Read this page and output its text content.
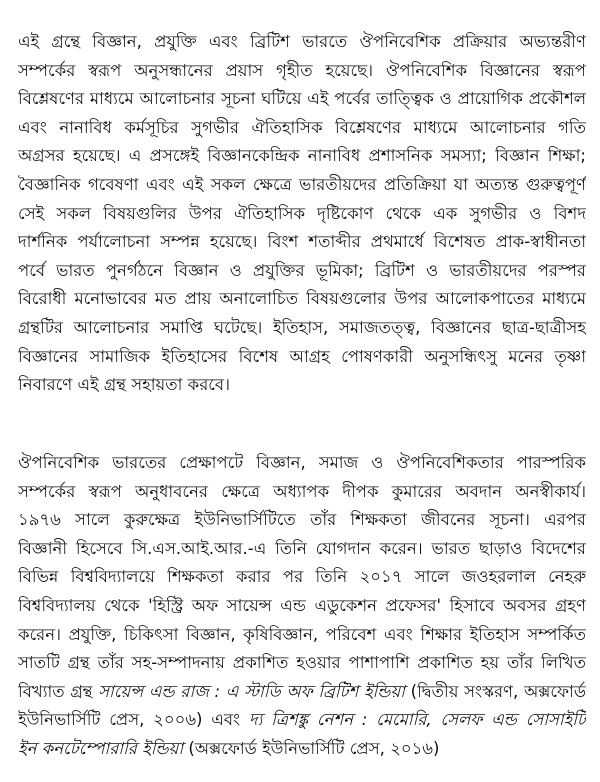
এই গ্রন্থে বিজ্ঞান, প্রযুক্তি এবং ব্রিটিশ ভারতে ঔপনিবেশিক প্রক্রিয়ার অভ্যন্তরীণ
সম্পর্কের স্বরূপ অনুসন্ধানের প্রয়াস গৃহীত হয়েছে। ঔপনিবেশিক বিজ্ঞানের স্বরূপ
বিশ্লেষণের মাধ্যমে আলোচনার সূচনা ঘটিয়ে এই পর্বের তাত্ত্বিক ও প্রায়োগিক প্রকৌশল
এবং নানাবিধ কর্মসূচির সুগভীর ঐতিহাসিক বিশ্লেষণের মাধ্যমে আলোচনার গতি
অগ্রসর হয়েছে। এ প্রসঙ্গেই বিজ্ঞানকেন্দ্রিক নানাবিধ প্রশাসনিক সমস্যা; বিজ্ঞান শিক্ষা;
বৈজ্ঞানিক গবেষণা এবং এই সকল ক্ষেত্রে ভারতীয়দের প্রতিক্রিয়া যা অত্যন্ত গুরুত্বপূর্ণ
সেই সকল বিষয়গুলির উপর ঐতিহাসিক দৃষ্টিকোণ থেকে এক সুগভীর ও বিশদ
দার্শনিক পর্যালোচনা সম্পন্ন হয়েছে। বিংশ শতাব্দীর প্রথমার্ধে বিশেষত প্রাক-স্বাধীনতা
পর্বে ভারত পুনর্গঠনে বিজ্ঞান ও প্রযুক্তির ভূমিকা; ব্রিটিশ ও ভারতীয়দের পরস্পর
বিরোধী মনোভাবের মত প্রায় অনালোচিত বিষয়গুলোর উপর আলোকপাতের মাধ্যমে
গ্রন্থটির আলোচনার সমাপ্তি ঘটেছে। ইতিহাস, সমাজতত্ত্ব, বিজ্ঞানের ছাত্র-ছাত্রীসহ
বিজ্ঞানের সামাজিক ইতিহাসের বিশেষ আগ্রহ পোষণকারী অনুসন্ধিৎসু মনের তৃষ্ণা
নিবারণে এই গ্রন্থ সহায়তা করবে।
ঔপনিবেশিক ভারতের প্রেক্ষাপটে বিজ্ঞান, সমাজ ও ঔপনিবেশিকতার পারস্পরিক
সম্পর্কের স্বরূপ অনুধাবনের ক্ষেত্রে অধ্যাপক দীপক কুমারের অবদান অনস্বীকার্য।
১৯৭৬ সালে কুরুক্ষেত্র ইউনিভার্সিটিতে তাঁর শিক্ষকতা জীবনের সূচনা। এরপর
বিজ্ঞানী হিসেবে সি.এস.আই.আর.-এ তিনি যোগদান করেন। ভারত ছাড়াও বিদেশের
বিভিন্ন বিশ্ববিদ্যালয়ে শিক্ষকতা করার পর তিনি ২০১৭ সালে জওহরলাল নেহরু
বিশ্ববিদ্যালয় থেকে 'হিস্ট্রি অফ সায়েন্স এন্ড এডুকেশন প্রফেসর' হিসাবে অবসর গ্রহণ
করেন। প্রযুক্তি, চিকিৎসা বিজ্ঞান, কৃষিবিজ্ঞান, পরিবেশ এবং শিক্ষার ইতিহাস সম্পর্কিত
সাতটি গ্রন্থ তাঁর সহ-সম্পাদনায় প্রকাশিত হওয়ার পাশাপাশি প্রকাশিত হয় তাঁর লিখিত
বিখ্যাত গ্রন্থ সায়েন্স এন্ড রাজ : এ স্টাডি অফ ব্রিটিশ ইন্ডিয়া (দ্বিতীয় সংস্করণ, অক্সফোর্ড
ইউনিভার্সিটি প্রেস, ২০০৬) এবং দ্য ত্রিশঙ্কু নেশন : মেমোরি, সেলফ এন্ড সোসাইটি
ইন কনটেম্পোরারি ইন্ডিয়া (অক্সফোর্ড ইউনিভার্সিটি প্রেস, ২০১৬)
